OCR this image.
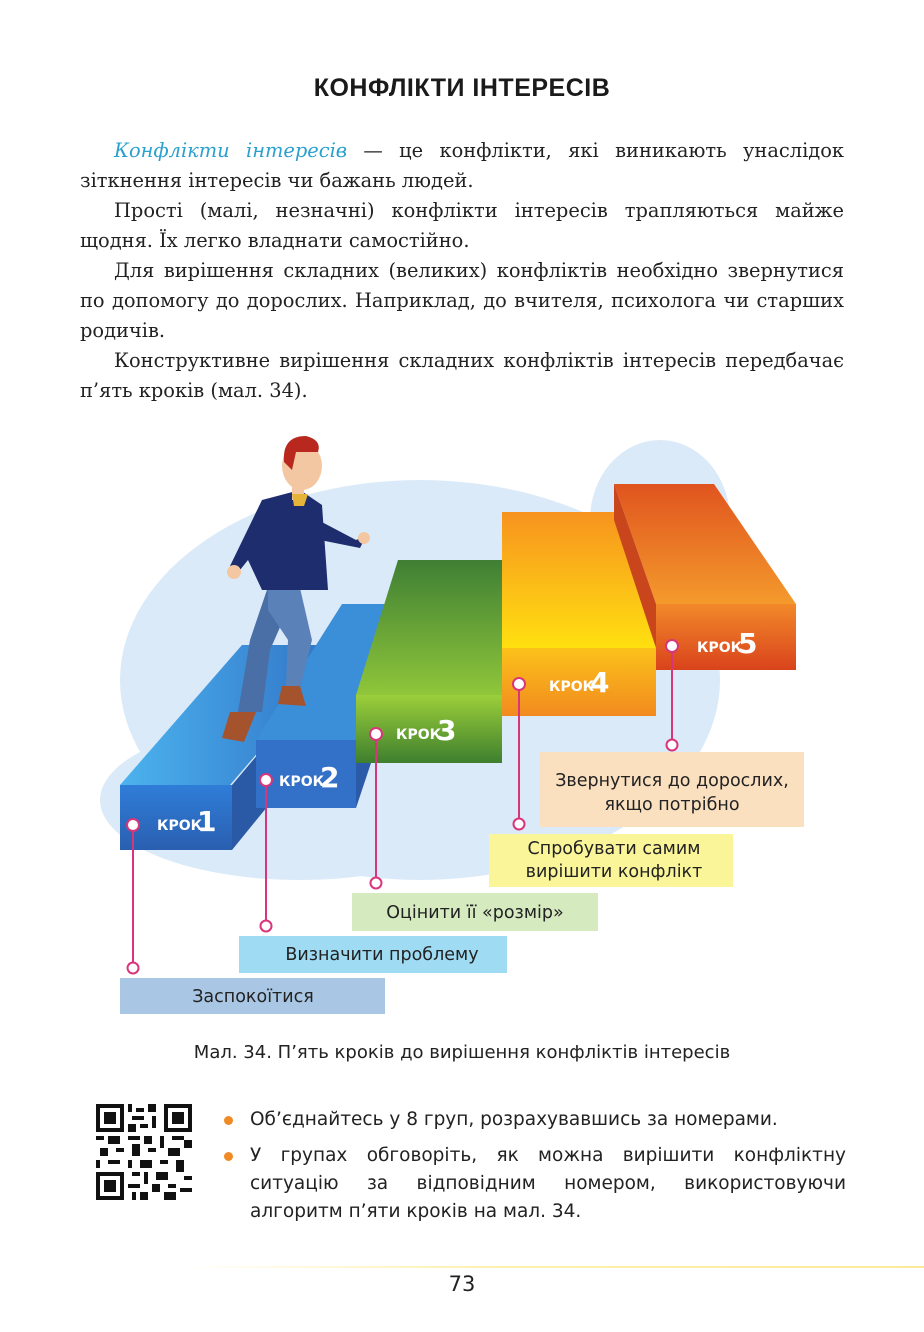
КОНФЛІКТИ ІНТЕРЕСІВ

Конфлікти інтересів — це конфлікти, які виникають унаслідок зіткнення інтересів чи бажань людей.

Прості (малі, незначні) конфлікти інтересів трапляються майже щодня. Їх легко владнати самостійно.

Для вирішення складних (великих) конфліктів необхідно звернутися по допомогу до дорослих. Наприклад, до вчителя, психолога чи старших родичів.

Конструктивне вирішення складних конфліктів інтересів передбачає п’ять кроків (мал. 34).

КРОК
1
КРОК
2
КРОК
3
КРОК
4
КРОК
5
Звернутися до дорослих,
якщо потрібно
Спробувати самим
вирішити конфлікт
Оцінити її «розмір»
Визначити проблему
Заспокоїтися
Мал. 34. П’ять кроків до вирішення конфліктів інтересів
Об’єднайтесь у 8 груп, розрахувавшись за номерами.
У групах обговоріть, як можна вирішити конфліктну ситуацію за відповідним номером, використовуючи алгоритм п’яти кроків на мал. 34.
73
